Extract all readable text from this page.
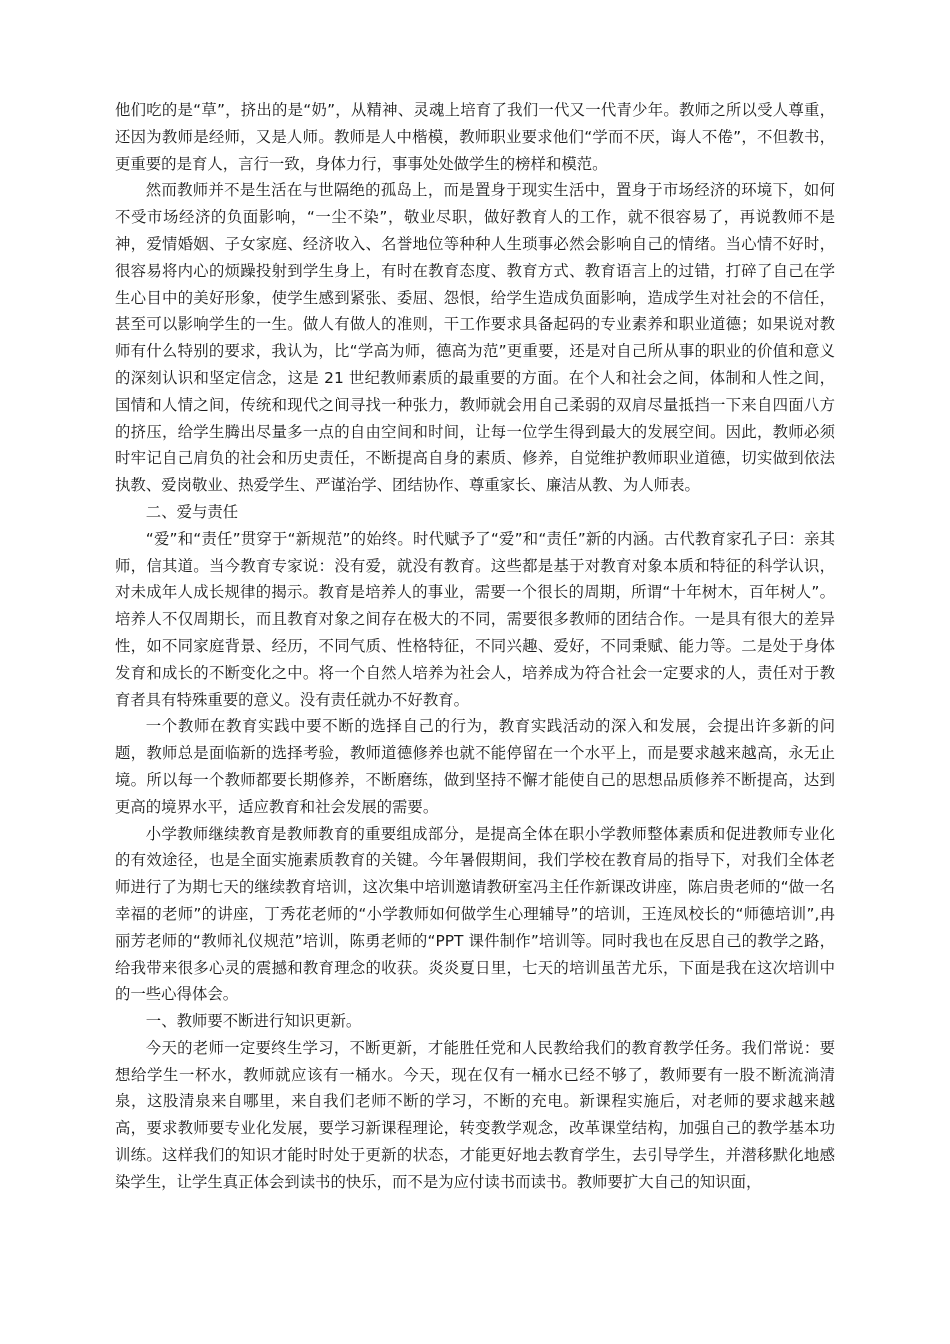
他们吃的是“草”，挤出的是“奶”，从精神、灵魂上培育了我们一代又一代青少年。教师之所以受人尊重，还因为教师是经师，又是人师。教师是人中楷模，教师职业要求他们“学而不厌，诲人不倦”，不但教书，更重要的是育人，言行一致，身体力行，事事处处做学生的榜样和模范。

然而教师并不是生活在与世隔绝的孤岛上，而是置身于现实生活中，置身于市场经济的环境下，如何不受市场经济的负面影响，“一尘不染”，敬业尽职，做好教育人的工作，就不很容易了，再说教师不是神，爱情婚姻、子女家庭、经济收入、名誉地位等种种人生琐事必然会影响自己的情绪。当心情不好时，很容易将内心的烦躁投射到学生身上，有时在教育态度、教育方式、教育语言上的过错，打碎了自己在学生心目中的美好形象，使学生感到紧张、委屈、怨恨，给学生造成负面影响，造成学生对社会的不信任，甚至可以影响学生的一生。做人有做人的准则，干工作要求具备起码的专业素养和职业道德；如果说对教师有什么特别的要求，我认为，比“学高为师，德高为范”更重要，还是对自己所从事的职业的价值和意义的深刻认识和坚定信念，这是 21 世纪教师素质的最重要的方面。在个人和社会之间，体制和人性之间，国情和人情之间，传统和现代之间寻找一种张力，教师就会用自己柔弱的双肩尽量抵挡一下来自四面八方的挤压，给学生腾出尽量多一点的自由空间和时间，让每一位学生得到最大的发展空间。因此，教师必须时牢记自己肩负的社会和历史责任，不断提高自身的素质、修养，自觉维护教师职业道德，切实做到依法执教、爱岗敬业、热爱学生、严谨治学、团结协作、尊重家长、廉洁从教、为人师表。

二、爱与责任

“爱”和“责任”贯穿于“新规范”的始终。时代赋予了“爱”和“责任”新的内涵。古代教育家孔子曰：亲其师，信其道。当今教育专家说：没有爱，就没有教育。这些都是基于对教育对象本质和特征的科学认识，对未成年人成长规律的揭示。教育是培养人的事业，需要一个很长的周期，所谓“十年树木，百年树人”。培养人不仅周期长，而且教育对象之间存在极大的不同，需要很多教师的团结合作。一是具有很大的差异性，如不同家庭背景、经历，不同气质、性格特征，不同兴趣、爱好，不同秉赋、能力等。二是处于身体发育和成长的不断变化之中。将一个自然人培养为社会人，培养成为符合社会一定要求的人，责任对于教育者具有特殊重要的意义。没有责任就办不好教育。

一个教师在教育实践中要不断的选择自己的行为，教育实践活动的深入和发展，会提出许多新的问题，教师总是面临新的选择考验，教师道德修养也就不能停留在一个水平上，而是要求越来越高，永无止境。所以每一个教师都要长期修养，不断磨练，做到坚持不懈才能使自己的思想品质修养不断提高，达到更高的境界水平，适应教育和社会发展的需要。

小学教师继续教育是教师教育的重要组成部分，是提高全体在职小学教师整体素质和促进教师专业化的有效途径，也是全面实施素质教育的关键。今年暑假期间，我们学校在教育局的指导下，对我们全体老师进行了为期七天的继续教育培训，这次集中培训邀请教研室冯主任作新课改讲座，陈启贵老师的“做一名幸福的老师”的讲座，丁秀花老师的“小学教师如何做学生心理辅导”的培训，王连凤校长的“师德培训”,冉丽芳老师的“教师礼仪规范”培训，陈勇老师的“PPT 课件制作”培训等。同时我也在反思自己的教学之路，给我带来很多心灵的震撼和教育理念的收获。炎炎夏日里，七天的培训虽苦尤乐，下面是我在这次培训中的一些心得体会。

一、教师要不断进行知识更新。

今天的老师一定要终生学习，不断更新，才能胜任党和人民教给我们的教育教学任务。我们常说：要想给学生一杯水，教师就应该有一桶水。今天，现在仅有一桶水已经不够了，教师要有一股不断流淌清泉，这股清泉来自哪里，来自我们老师不断的学习，不断的充电。新课程实施后，对老师的要求越来越高，要求教师要专业化发展，要学习新课程理论，转变教学观念，改革课堂结构，加强自己的教学基本功训练。这样我们的知识才能时时处于更新的状态，才能更好地去教育学生，去引导学生，并潜移默化地感染学生，让学生真正体会到读书的快乐，而不是为应付读书而读书。教师要扩大自己的知识面，
